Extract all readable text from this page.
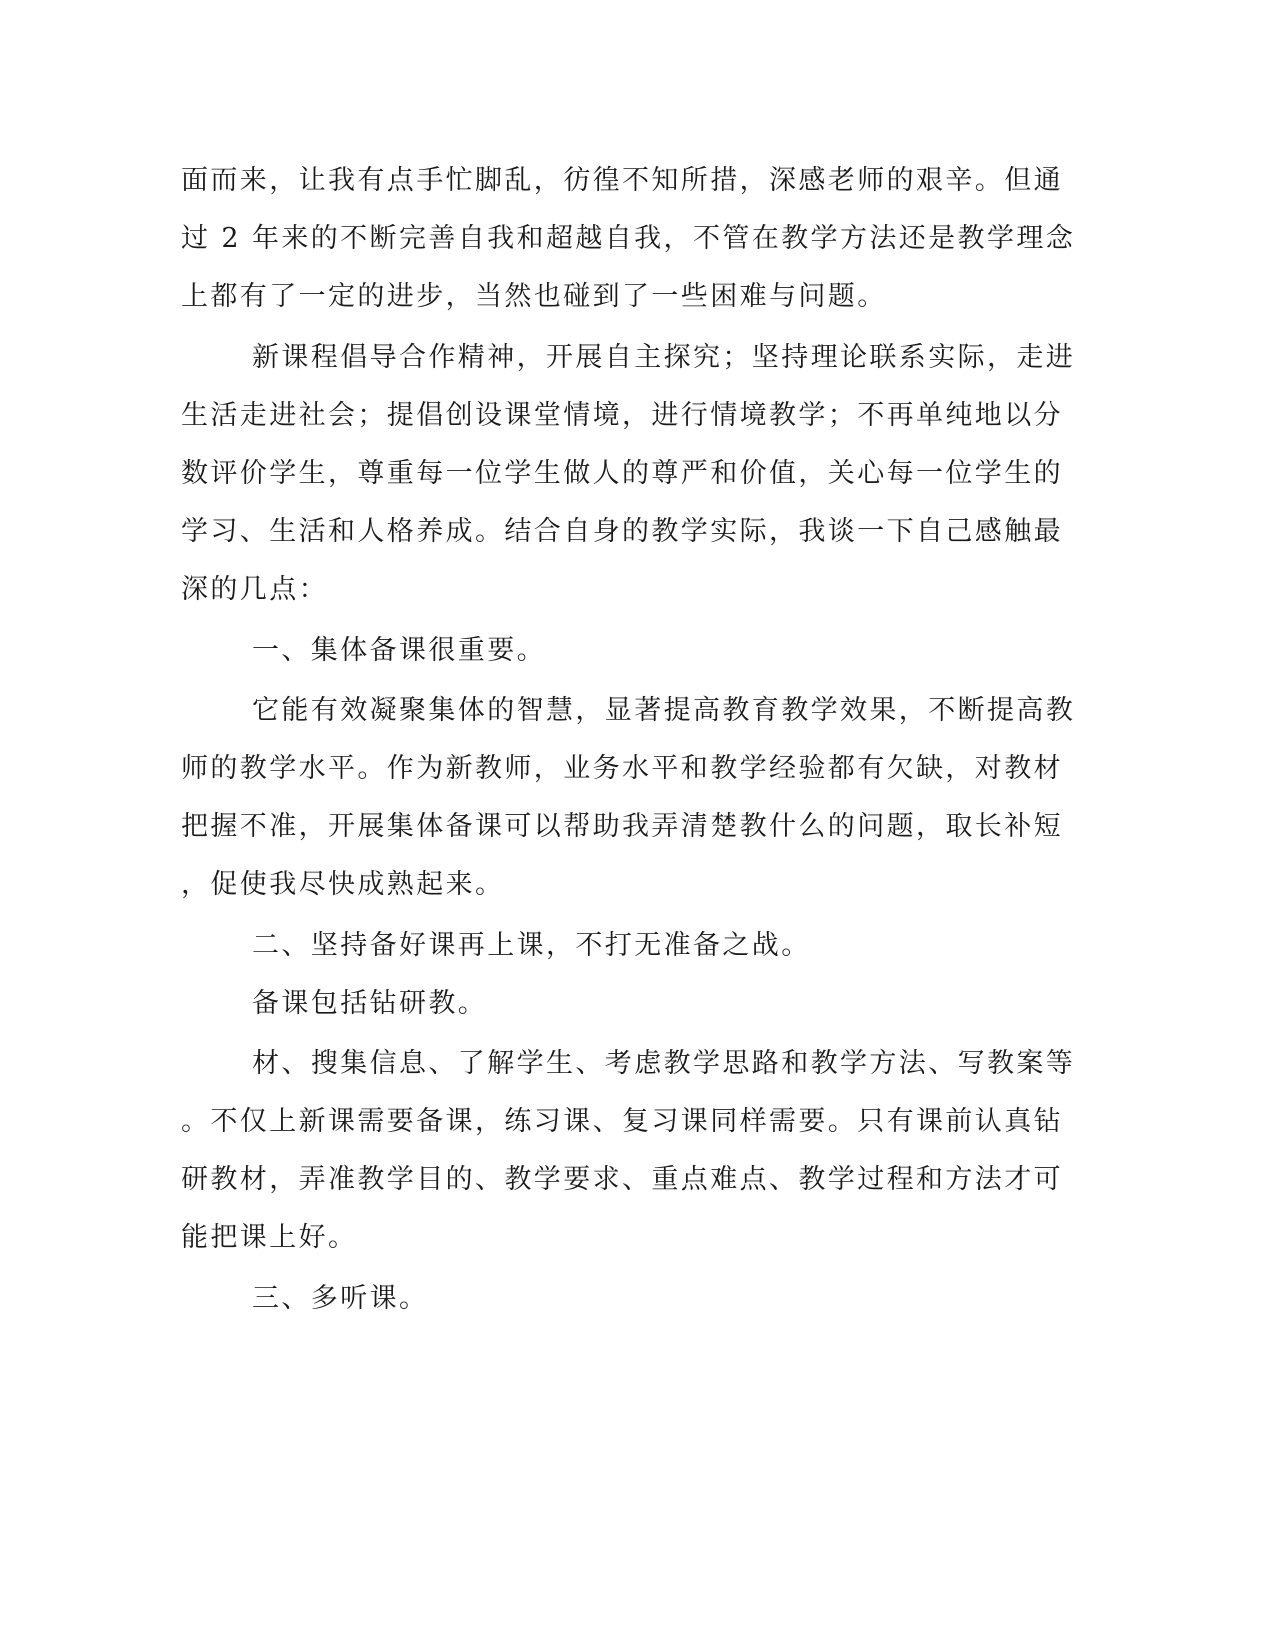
面而来，让我有点手忙脚乱，彷徨不知所措，深感老师的艰辛。但通
过 2 年来的不断完善自我和超越自我，不管在教学方法还是教学理念
上都有了一定的进步，当然也碰到了一些困难与问题。
新课程倡导合作精神，开展自主探究；坚持理论联系实际，走进
生活走进社会；提倡创设课堂情境，进行情境教学；不再单纯地以分
数评价学生，尊重每一位学生做人的尊严和价值，关心每一位学生的
学习、生活和人格养成。结合自身的教学实际，我谈一下自己感触最
深的几点：
一、集体备课很重要。
它能有效凝聚集体的智慧，显著提高教育教学效果，不断提高教
师的教学水平。作为新教师，业务水平和教学经验都有欠缺，对教材
把握不准，开展集体备课可以帮助我弄清楚教什么的问题，取长补短
，促使我尽快成熟起来。
二、坚持备好课再上课，不打无准备之战。
备课包括钻研教。
材、搜集信息、了解学生、考虑教学思路和教学方法、写教案等
。不仅上新课需要备课，练习课、复习课同样需要。只有课前认真钻
研教材，弄准教学目的、教学要求、重点难点、教学过程和方法才可
能把课上好。
三、多听课。
